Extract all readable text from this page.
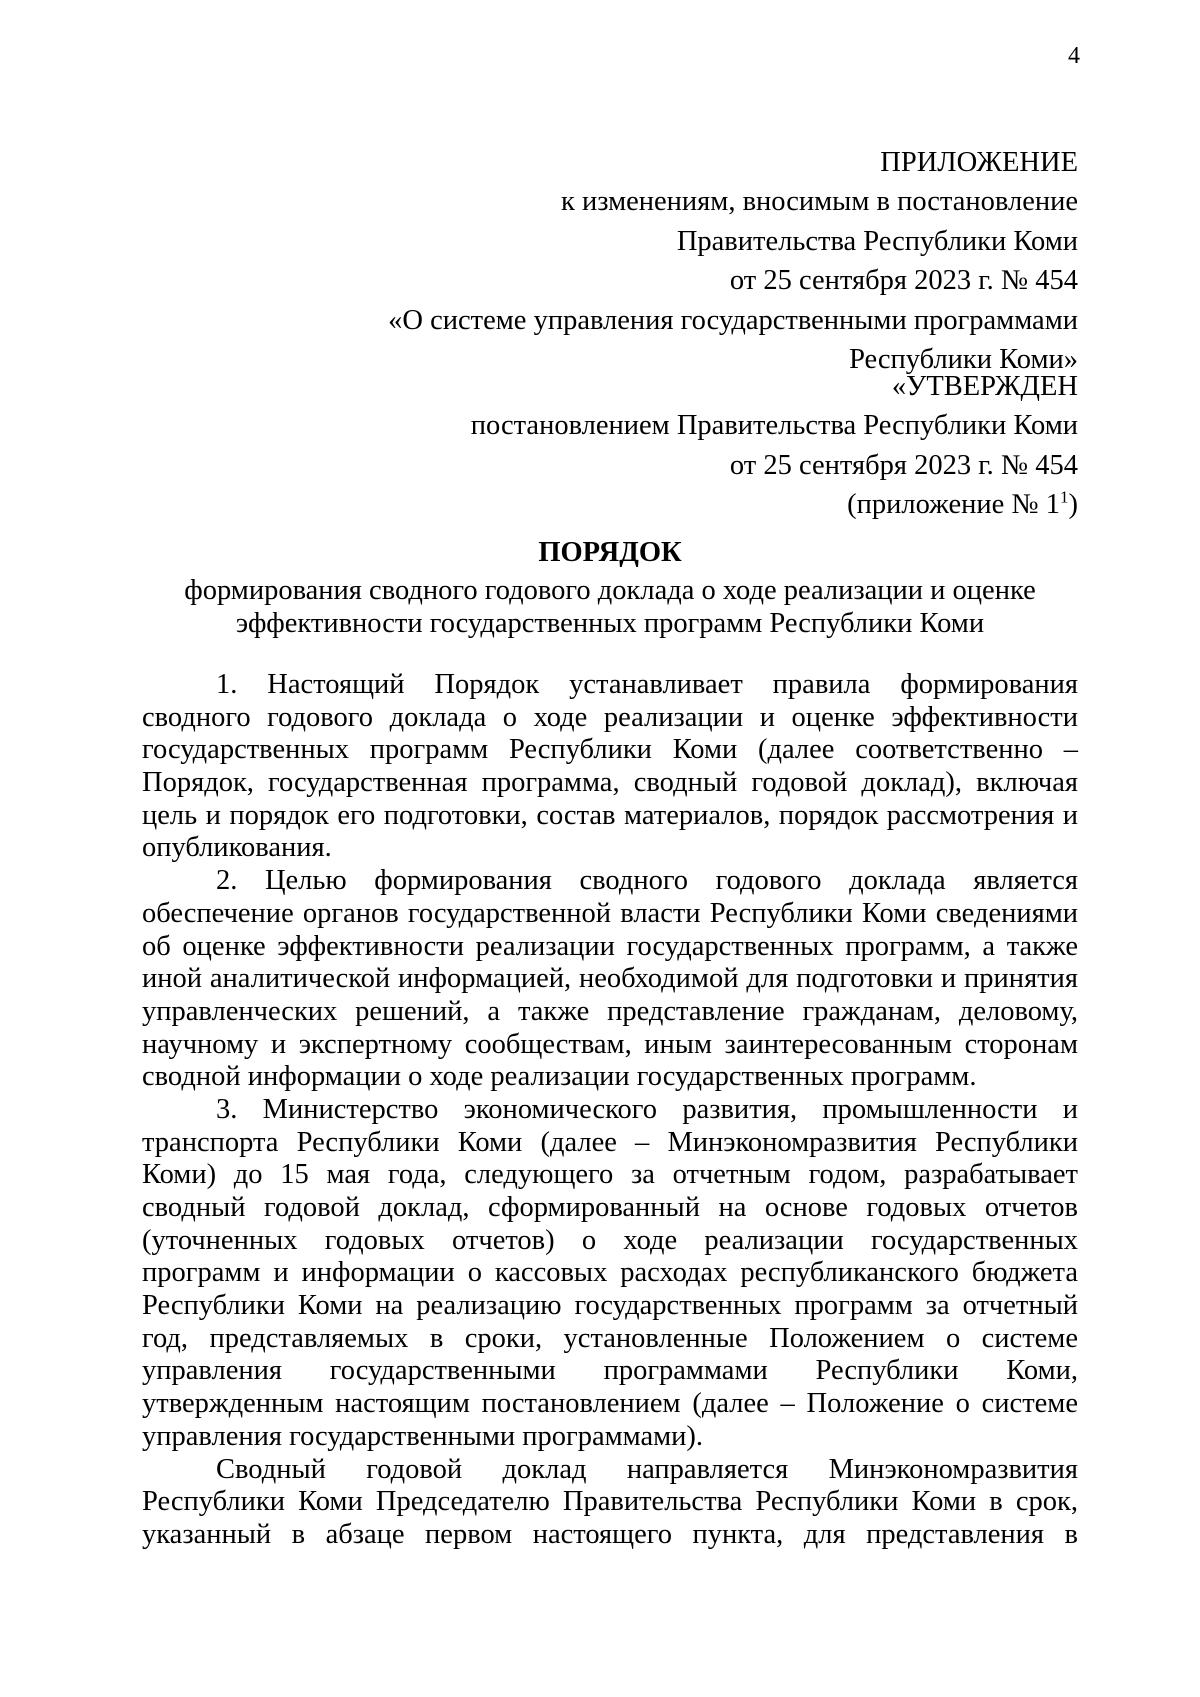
4
ПРИЛОЖЕНИЕ
к изменениям, вносимым в постановление
Правительства Республики Коми
от 25 сентября 2023 г. № 454
«О системе управления государственными программами
Республики Коми»
«УТВЕРЖДЕН
постановлением Правительства Республики Коми
от 25 сентября 2023 г. № 454
(приложение № $1^1$)
ПОРЯДОК
формирования сводного годового доклада о ходе реализации и оценке
эффективности государственных программ Республики Коми
1. Настоящий Порядок устанавливает правила формирования
сводного годового доклада о ходе реализации и оценке эффективности
государственных программ Республики Коми (далее соответственно –
Порядок, государственная программа, сводный годовой доклад), включая
цель и порядок его подготовки, состав материалов, порядок рассмотрения и
опубликования.
2. Целью формирования сводного годового доклада является
обеспечение органов государственной власти Республики Коми сведениями
об оценке эффективности реализации государственных программ, а также
иной аналитической информацией, необходимой для подготовки и принятия
управленческих решений, а также представление гражданам, деловому,
научному и экспертному сообществам, иным заинтересованным сторонам
сводной информации о ходе реализации государственных программ.
3. Министерство экономического развития, промышленности и
транспорта Республики Коми (далее – Минэкономразвития Республики
Коми) до 15 мая года, следующего за отчетным годом, разрабатывает
сводный годовой доклад, сформированный на основе годовых отчетов
(уточненных годовых отчетов) о ходе реализации государственных
программ и информации о кассовых расходах республиканского бюджета
Республики Коми на реализацию государственных программ за отчетный
год, представляемых в сроки, установленные Положением о системе
управления государственными программами Республики Коми,
утвержденным настоящим постановлением (далее – Положение о системе
управления государственными программами).
Сводный годовой доклад направляется Минэкономразвития
Республики Коми Председателю Правительства Республики Коми в срок,
указанный в абзаце первом настоящего пункта, для представления в
